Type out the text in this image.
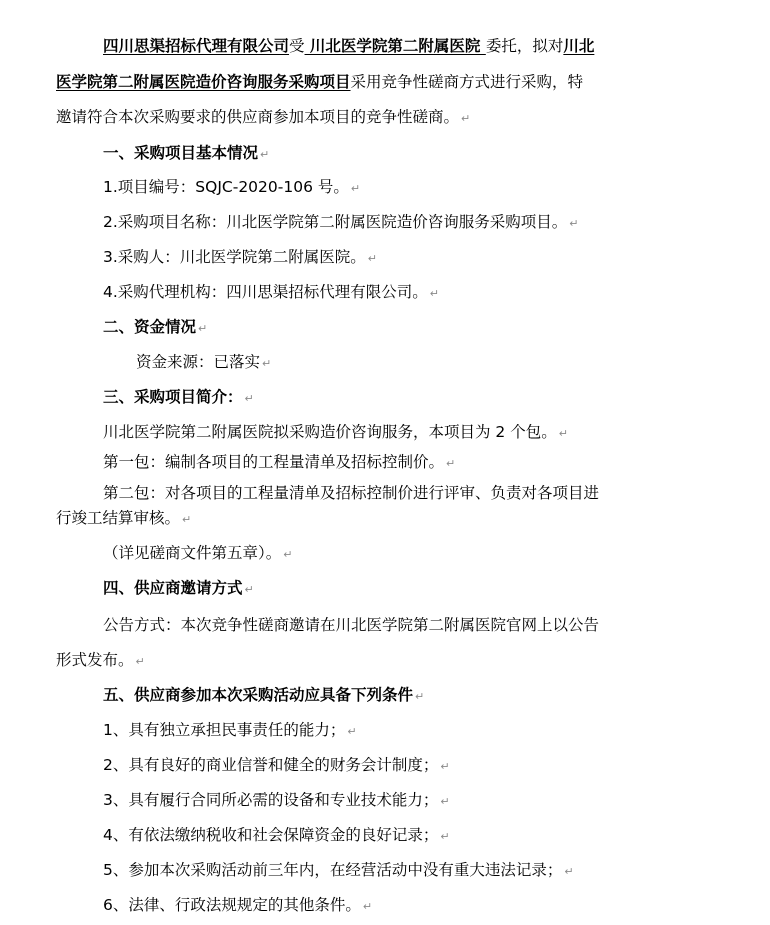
四川思渠招标代理有限公司受 川北医学院第二附属医院 委托，拟对川北
医学院第二附属医院造价咨询服务采购项目采用竞争性磋商方式进行采购，特
邀请符合本次采购要求的供应商参加本项目的竞争性磋商。 ↵
一、采购项目基本情况 ↵
1.项目编号：SQJC-2020-106 号。 ↵
2.采购项目名称：川北医学院第二附属医院造价咨询服务采购项目。 ↵
3.采购人：川北医学院第二附属医院。 ↵
4.采购代理机构：四川思渠招标代理有限公司。 ↵
二、资金情况 ↵
资金来源：已落实 ↵
三、采购项目简介： ↵
川北医学院第二附属医院拟采购造价咨询服务，本项目为 2 个包。 ↵
第一包：编制各项目的工程量清单及招标控制价。 ↵
第二包：对各项目的工程量清单及招标控制价进行评审、负责对各项目进
行竣工结算审核。 ↵
（详见磋商文件第五章）。 ↵
四、供应商邀请方式 ↵
公告方式：本次竞争性磋商邀请在川北医学院第二附属医院官网上以公告
形式发布。 ↵
五、供应商参加本次采购活动应具备下列条件 ↵
1、具有独立承担民事责任的能力； ↵
2、具有良好的商业信誉和健全的财务会计制度； ↵
3、具有履行合同所必需的设备和专业技术能力； ↵
4、有依法缴纳税收和社会保障资金的良好记录； ↵
5、参加本次采购活动前三年内，在经营活动中没有重大违法记录； ↵
6、法律、行政法规规定的其他条件。 ↵
